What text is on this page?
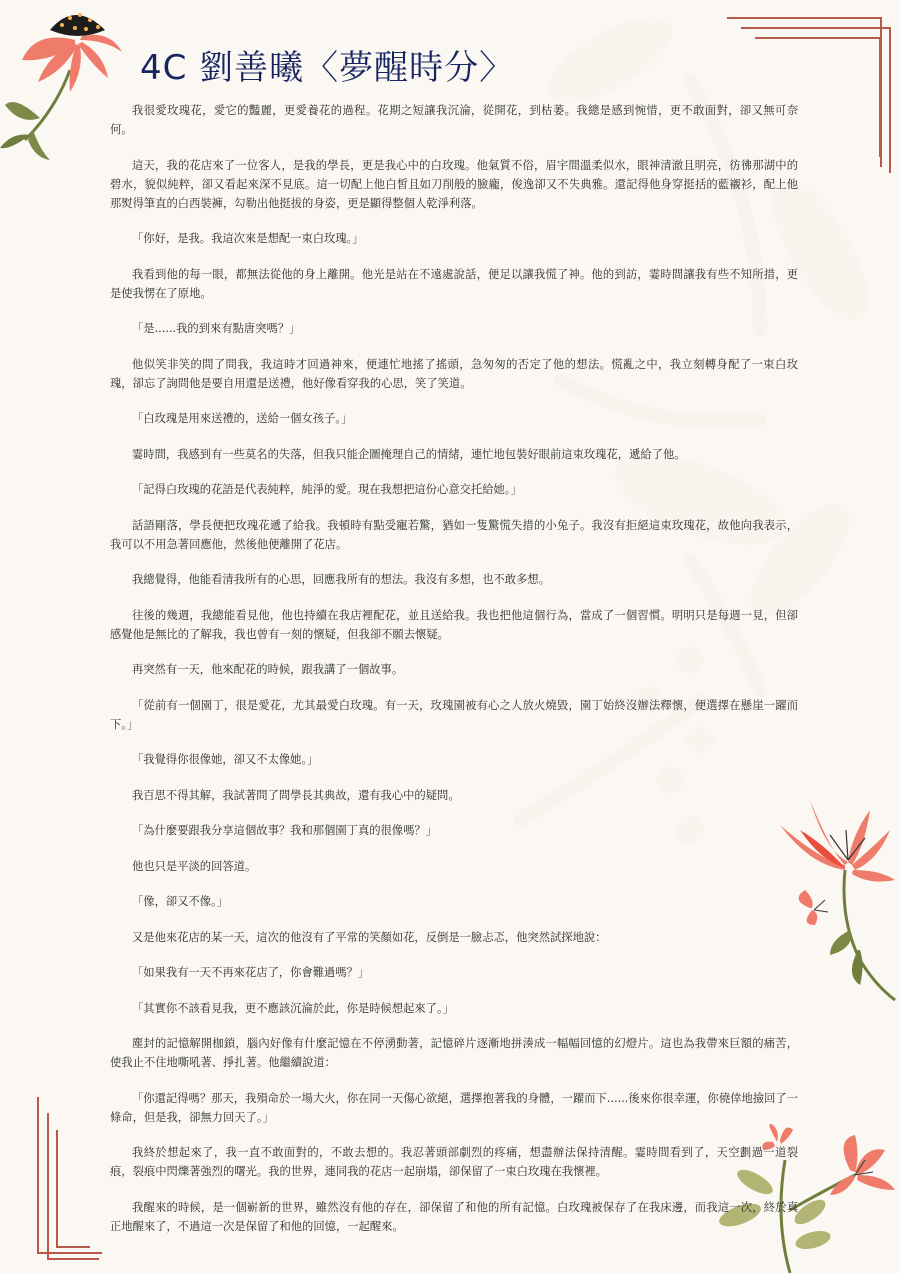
4C 劉善曦〈夢醒時分〉

我很愛玫瑰花，愛它的豔麗，更愛養花的過程。花期之短讓我沉淪，從開花，到枯萎。我總是感到惋惜，更不敢面對，卻又無可奈何。

這天，我的花店來了一位客人，是我的學長，更是我心中的白玫瑰。他氣質不俗，眉宇間溫柔似水，眼神清澈且明亮，彷彿那湖中的碧水，貌似純粹，卻又看起來深不見底。這一切配上他白皙且如刀削般的臉龐，俊逸卻又不失典雅。還記得他身穿挺括的藍襯衫，配上他那熨得筆直的白西裝褲，勾勒出他挺拔的身姿，更是顯得整個人乾淨利落。

「你好，是我。我這次來是想配一束白玫瑰。」

我看到他的每一眼，都無法從他的身上離開。他光是站在不遠處說話，便足以讓我慌了神。他的到訪，霎時間讓我有些不知所措，更是使我愣在了原地。

「是......我的到來有點唐突嗎？」

他似笑非笑的問了問我，我這時才回過神來，便連忙地搖了搖頭，急匆匆的否定了他的想法。慌亂之中，我立刻轉身配了一束白玫瑰，卻忘了詢問他是要自用還是送禮，他好像看穿我的心思，笑了笑道。

「白玫瑰是用來送禮的，送給一個女孩子。」

霎時間，我感到有一些莫名的失落，但我只能企圖掩理自己的情緒，連忙地包裝好眼前這束玫瑰花，遞給了他。

「記得白玫瑰的花語是代表純粹，純淨的愛。現在我想把這份心意交托給她。」

話語剛落，學長便把玫瑰花遞了給我。我頓時有點受寵若驚，猶如一隻驚慌失措的小兔子。我沒有拒絕這束玫瑰花，故他向我表示，我可以不用急著回應他，然後他便離開了花店。

我總覺得，他能看清我所有的心思，回應我所有的想法。我沒有多想，也不敢多想。

往後的幾週，我總能看見他，他也持續在我店裡配花，並且送給我。我也把他這個行為，當成了一個習慣。明明只是每週一見，但卻感覺他是無比的了解我，我也曾有一刻的懷疑，但我卻不願去懷疑。

再突然有一天，他來配花的時候，跟我講了一個故事。

「從前有一個園丁，很是愛花，尤其最愛白玫瑰。有一天，玫瑰園被有心之人放火燒毀，園丁始終沒辦法釋懷，便選擇在懸崖一躍而下。」

「我覺得你很像她，卻又不太像她。」

我百思不得其解，我試著問了問學長其典故，還有我心中的疑問。

「為什麼要跟我分享這個故事？我和那個園丁真的很像嗎？」

他也只是平淡的回答道。

「像，卻又不像。」

又是他來花店的某一天，這次的他沒有了平常的笑顏如花，反倒是一臉忐忑，他突然試探地說：

「如果我有一天不再來花店了，你會難過嗎？」

「其實你不該看見我，更不應該沉淪於此，你是時候想起來了。」

塵封的記憶解開枷鎖，腦內好像有什麼記憶在不停湧動著，記憶碎片逐漸地拼湊成一幅幅回憶的幻燈片。這也為我帶來巨額的痛苦，使我止不住地嘶吼著、掙扎著。他繼續說道：

「你還記得嗎？那天，我殞命於一場大火，你在同一天傷心欲絕，選擇抱著我的身體，一躍而下......後來你很幸運，你僥倖地撿回了一條命，但是我，卻無力回天了。」

我終於想起來了，我一直不敢面對的，不敢去想的。我忍著頭部劇烈的疼痛，想盡辦法保持清醒。霎時間看到了，天空劃過一道裂痕，裂痕中閃爍著強烈的曙光。我的世界，連同我的花店一起崩塌，卻保留了一束白玫瑰在我懷裡。

我醒來的時候，是一個嶄新的世界，雖然沒有他的存在，卻保留了和他的所有記憶。白玫瑰被保存了在我床邊，而我這一次，終於真正地醒來了，不過這一次是保留了和他的回憶，一起醒來。
